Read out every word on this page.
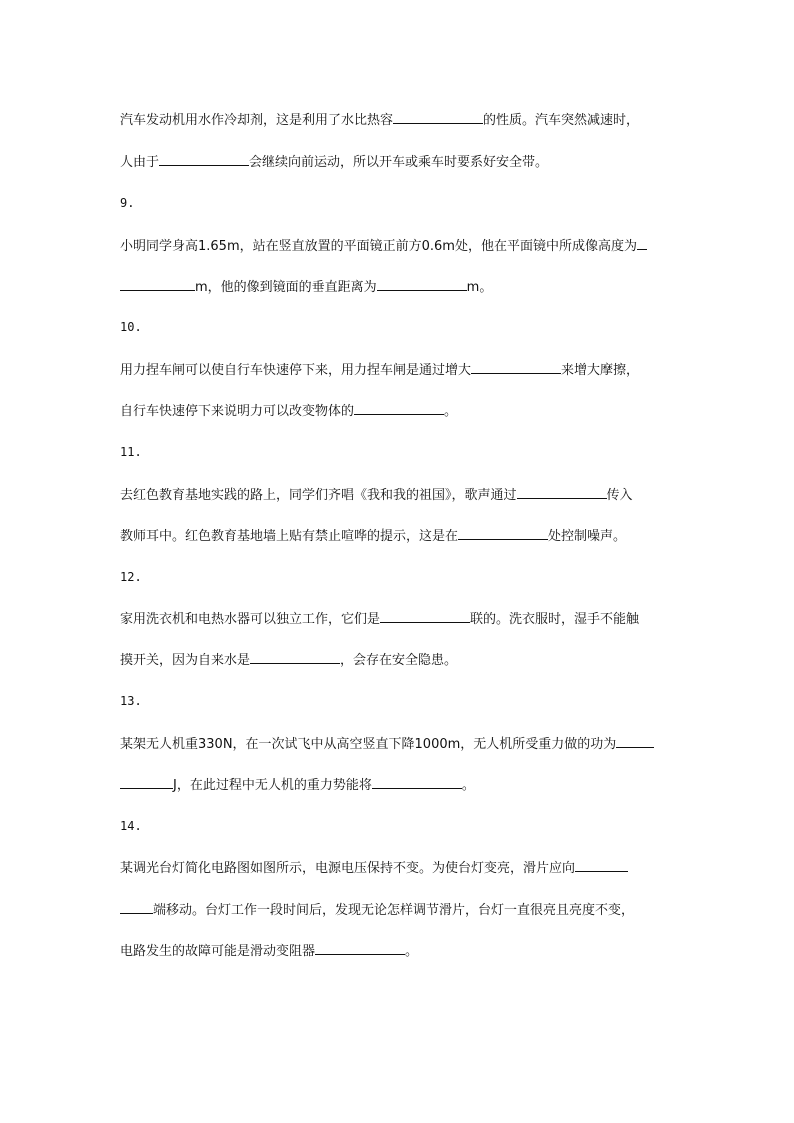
汽车发动机用水作冷却剂，这是利用了水比热容	的性质。汽车突然减速时，
人由于	会继续向前运动，所以开车或乘车时要系好安全带。
9.
小明同学身高1.65m，站在竖直放置的平面镜正前方0.6m处，他在平面镜中所成像高度为
m，他的像到镜面的垂直距离为	m。
10.
用力捏车闸可以使自行车快速停下来，用力捏车闸是通过增大	来增大摩擦，
自行车快速停下来说明力可以改变物体的	。
11.
去红色教育基地实践的路上，同学们齐唱《我和我的祖国》，歌声通过	传入
教师耳中。红色教育基地墙上贴有禁止喧哗的提示，这是在	处控制噪声。
12.
家用洗衣机和电热水器可以独立工作，它们是	联的。洗衣服时，湿手不能触
摸开关，因为自来水是	，会存在安全隐患。
13.
某架无人机重330N，在一次试飞中从高空竖直下降1000m，无人机所受重力做的功为
J，在此过程中无人机的重力势能将	。
14.
某调光台灯简化电路图如图所示，电源电压保持不变。为使台灯变亮，滑片应向
端移动。台灯工作一段时间后，发现无论怎样调节滑片，台灯一直很亮且亮度不变，
电路发生的故障可能是滑动变阻器	。
